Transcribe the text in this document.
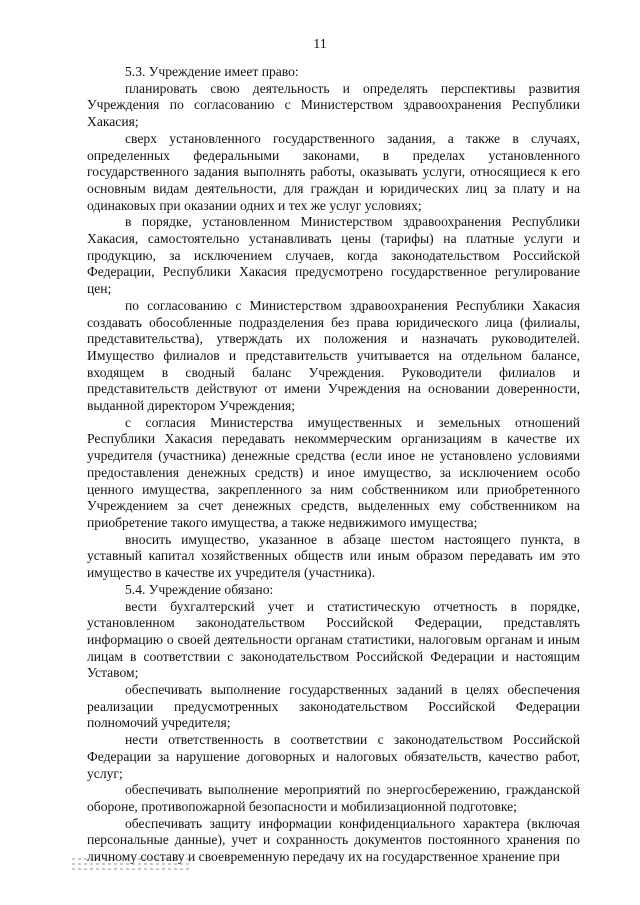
11

5.3. Учреждение имеет право:

планировать свою деятельность и определять перспективы развития Учреждения по согласованию с Министерством здравоохранения Республики Хакасия;

сверх установленного государственного задания, а также в случаях, определенных федеральными законами, в пределах установленного государственного задания выполнять работы, оказывать услуги, относящиеся к его основным видам деятельности, для граждан и юридических лиц за плату и на одинаковых при оказании одних и тех же услуг условиях;

в порядке, установленном Министерством здравоохранения Республики Хакасия, самостоятельно устанавливать цены (тарифы) на платные услуги и продукцию, за исключением случаев, когда законодательством Российской Федерации, Республики Хакасия предусмотрено государственное регулирование цен;

по согласованию с Министерством здравоохранения Республики Хакасия создавать обособленные подразделения без права юридического лица (филиалы, представительства), утверждать их положения и назначать руководителей. Имущество филиалов и представительств учитывается на отдельном балансе, входящем в сводный баланс Учреждения. Руководители филиалов и представительств действуют от имени Учреждения на основании доверенности, выданной директором Учреждения;

с согласия Министерства имущественных и земельных отношений Республики Хакасия передавать некоммерческим организациям в качестве их учредителя (участника) денежные средства (если иное не установлено условиями предоставления денежных средств) и иное имущество, за исключением особо ценного имущества, закрепленного за ним собственником или приобретенного Учреждением за счет денежных средств, выделенных ему собственником на приобретение такого имущества, а также недвижимого имущества;

вносить имущество, указанное в абзаце шестом настоящего пункта, в уставный капитал хозяйственных обществ или иным образом передавать им это имущество в качестве их учредителя (участника).

5.4. Учреждение обязано:

вести бухгалтерский учет и статистическую отчетность в порядке, установленном законодательством Российской Федерации, представлять информацию о своей деятельности органам статистики, налоговым органам и иным лицам в соответствии с законодательством Российской Федерации и настоящим Уставом;

обеспечивать выполнение государственных заданий в целях обеспечения реализации предусмотренных законодательством Российской Федерации полномочий учредителя;

нести ответственность в соответствии с законодательством Российской Федерации за нарушение договорных и налоговых обязательств, качество работ, услуг;

обеспечивать выполнение мероприятий по энергосбережению, гражданской обороне, противопожарной безопасности и мобилизационной подготовке;

обеспечивать защиту информации конфиденциального характера (включая персональные данные), учет и сохранность документов постоянного хранения по личному составу и своевременную передачу их на государственное хранение при
